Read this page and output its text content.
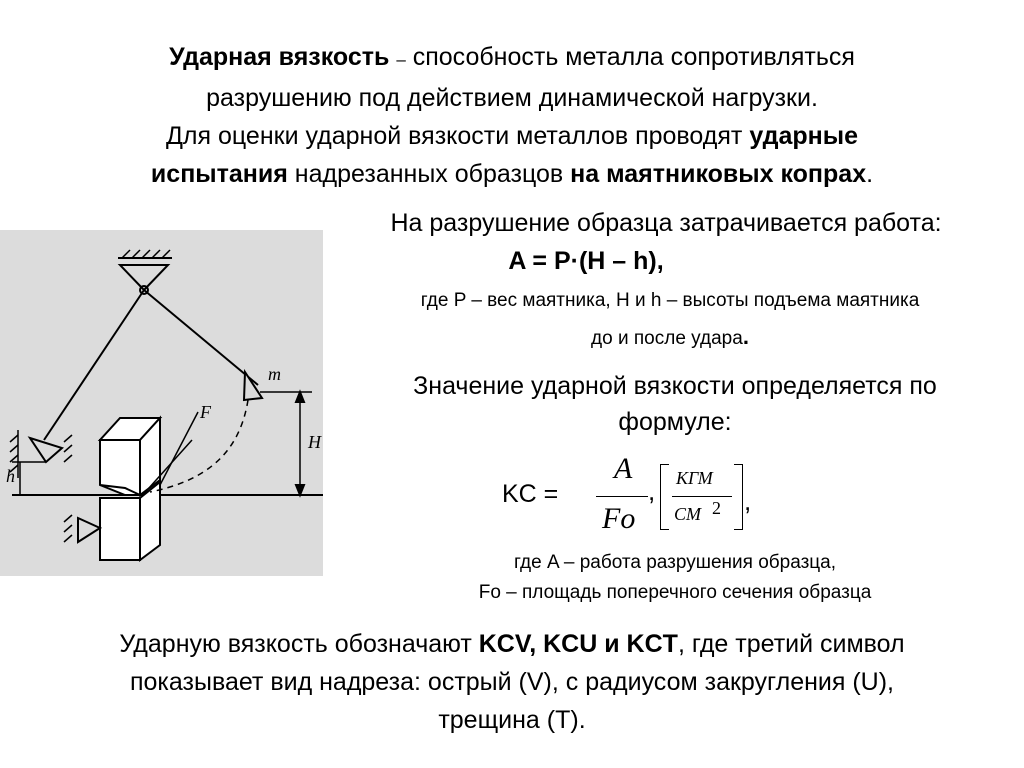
Ударная вязкость – способность металла сопротивляться
разрушению под действием динамической нагрузки.
Для оценки ударной вязкости металлов проводят ударные
испытания надрезанных образцов на маятниковых копрах.
m
F
H
h
На разрушение образца затрачивается работа:
A = P·(H – h),
где P – вес маятника, H и h – высоты подъема маятника
до и после удара.
Значение ударной вязкости определяется по
формуле:
KC =
A
Fo
, КГМ
СМ 2 ,
где A – работа разрушения образца,
Fo – площадь поперечного сечения образца
Ударную вязкость обозначают KCV, KCU и KCT, где третий символ
показывает вид надреза: острый (V), с радиусом закругления (U),
трещина (T).
